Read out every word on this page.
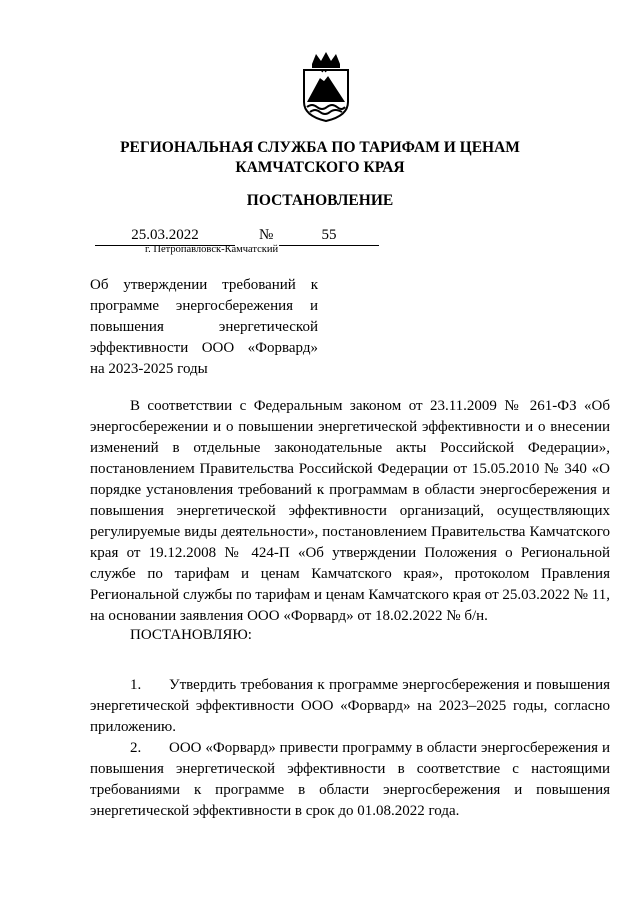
РЕГИОНАЛЬНАЯ СЛУЖБА ПО ТАРИФАМ И ЦЕНАМ
КАМЧАТСКОГО КРАЯ
ПОСТАНОВЛЕНИЕ
25.03.2022	№	55
г. Петропавловск-Камчатский
Об утверждении требований к
программе энергосбережения и
повышения энергетической
эффективности ООО «Форвард»
на 2023-2025 годы

В соответствии с Федеральным законом от 23.11.2009 № 261-ФЗ «Об энергосбережении и о повышении энергетической эффективности и о внесении изменений в отдельные законодательные акты Российской Федерации», постановлением Правительства Российской Федерации от 15.05.2010 № 340 «О порядке установления требований к программам в области энергосбережения и повышения энергетической эффективности организаций, осуществляющих регулируемые виды деятельности», постановлением Правительства Камчатского края от 19.12.2008 № 424-П «Об утверждении Положения о Региональной службе по тарифам и ценам Камчатского края», протоколом Правления Региональной службы по тарифам и ценам Камчатского края от 25.03.2022 № 11, на основании заявления ООО «Форвард» от 18.02.2022 № б/н.

ПОСТАНОВЛЯЮ:

1. Утвердить требования к программе энергосбережения и повышения энергетической эффективности ООО «Форвард» на 2023–2025 годы, согласно приложению.

2. ООО «Форвард» привести программу в области энергосбережения и повышения энергетической эффективности в соответствие с настоящими требованиями к программе в области энергосбережения и повышения энергетической эффективности в срок до 01.08.2022 года.
